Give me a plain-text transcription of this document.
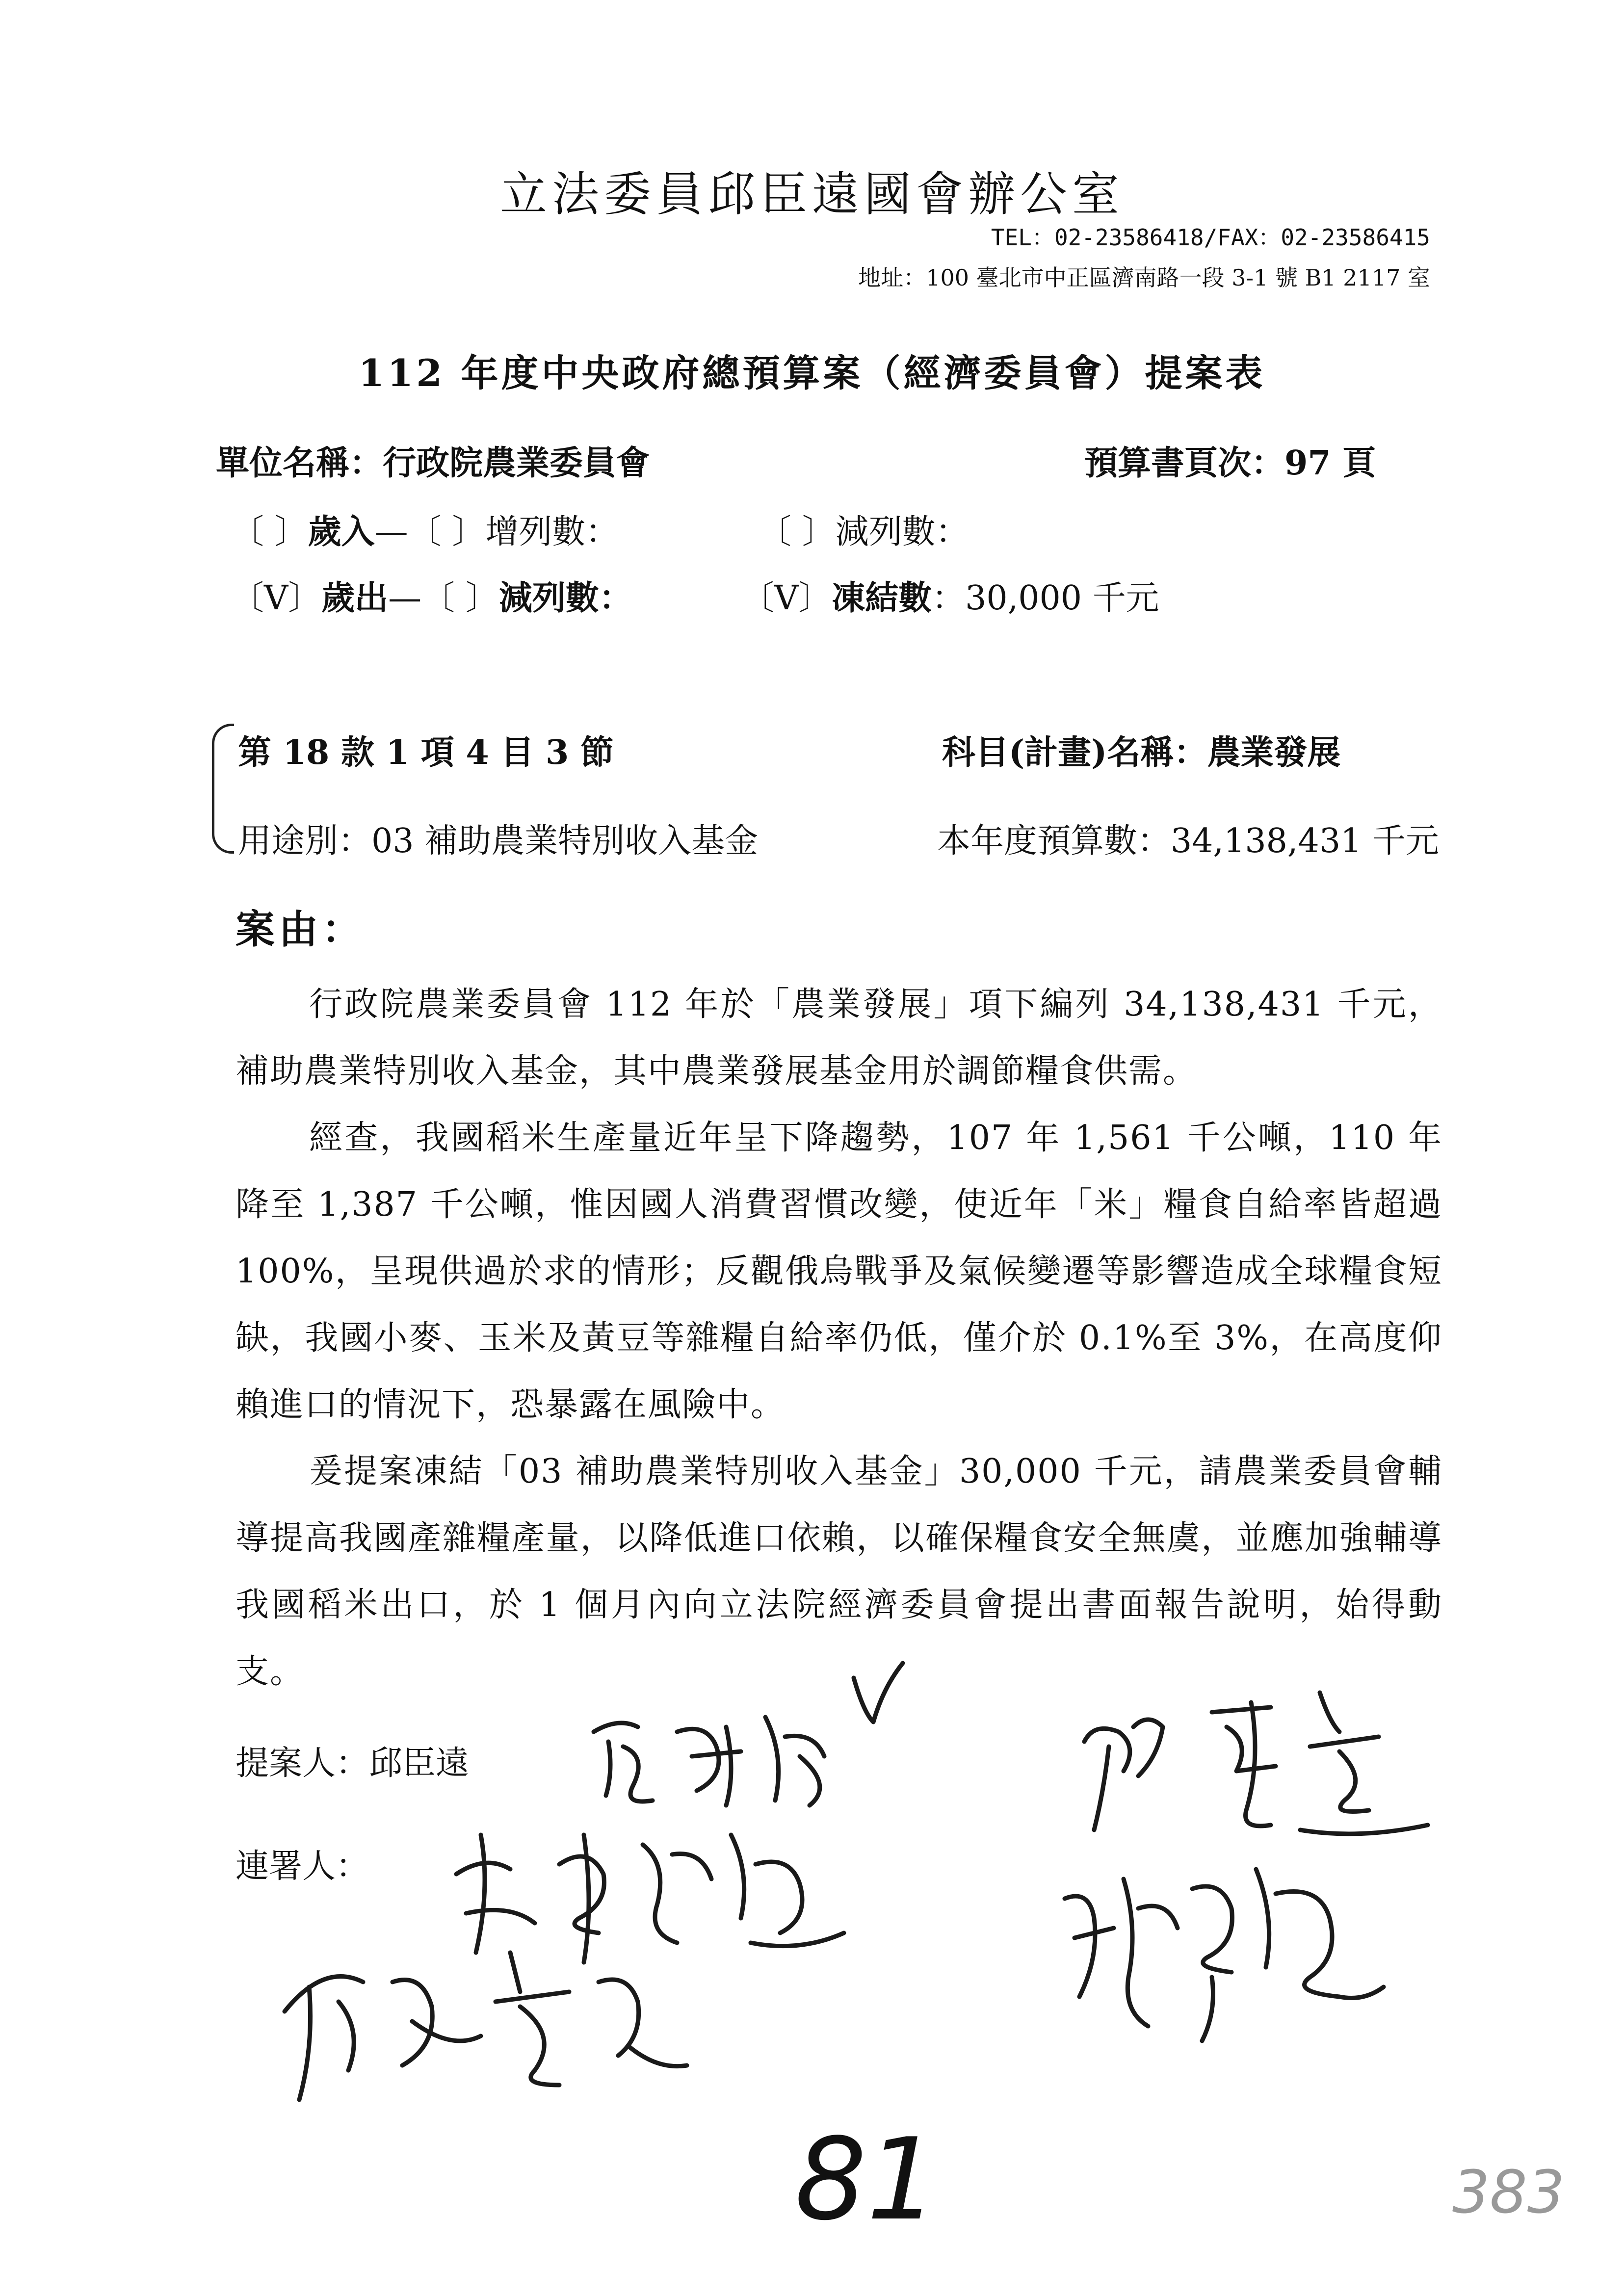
立法委員邱臣遠國會辦公室
TEL：02-23586418/FAX：02-23586415
地址：100 臺北市中正區濟南路一段 3-1 號 B1 2117 室
112 年度中央政府總預算案（經濟委員會）提案表
單位名稱：行政院農業委員會	預算書頁次：97 頁
〔 〕歲入—〔 〕增列數：	〔 〕減列數：
〔V〕歲出—〔 〕減列數：	〔V〕凍結數：30,000 千元
第 18 款 1 項 4 目 3 節	科目(計畫)名稱：農業發展
用途別：03 補助農業特別收入基金	本年度預算數：34,138,431 千元
案由：

行政院農業委員會 112 年於「農業發展」項下編列 34,138,431 千元，補助農業特別收入基金，其中農業發展基金用於調節糧食供需。

經查，我國稻米生產量近年呈下降趨勢，107 年 1,561 千公噸，110 年降至 1,387 千公噸，惟因國人消費習慣改變，使近年「米」糧食自給率皆超過 100%，呈現供過於求的情形；反觀俄烏戰爭及氣候變遷等影響造成全球糧食短缺，我國小麥、玉米及黃豆等雜糧自給率仍低，僅介於 0.1%至 3%，在高度仰賴進口的情況下，恐暴露在風險中。

爰提案凍結「03 補助農業特別收入基金」30,000 千元，請農業委員會輔導提高我國產雜糧產量，以降低進口依賴，以確保糧食安全無虞，並應加強輔導我國稻米出口，於 1 個月內向立法院經濟委員會提出書面報告說明，始得動支。

提案人：邱臣遠
連署人：
81	383
